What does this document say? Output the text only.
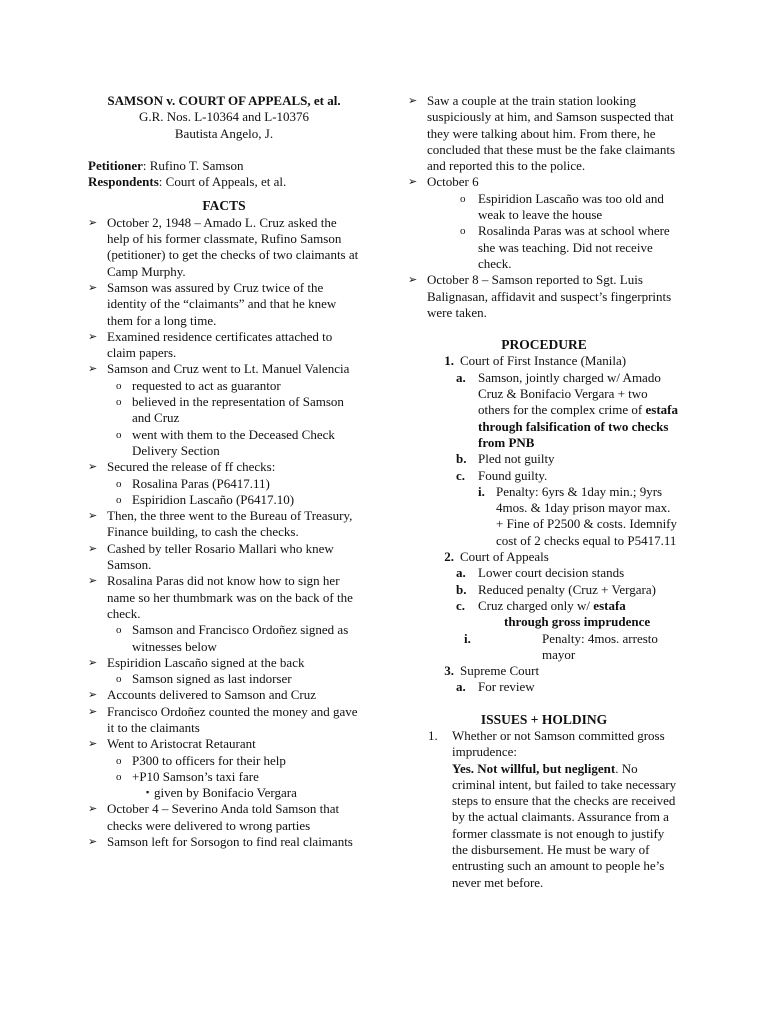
SAMSON v. COURT OF APPEALS, et al.
G.R. Nos. L-10364 and L-10376
Bautista Angelo, J.
Petitioner: Rufino T. Samson
Respondents: Court of Appeals, et al.
FACTS
➢ October 2, 1948 – Amado L. Cruz asked the help of his former classmate, Rufino Samson (petitioner) to get the checks of two claimants at Camp Murphy.
➢ Samson was assured by Cruz twice of the identity of the “claimants” and that he knew them for a long time.
➢ Examined residence certificates attached to claim papers.
➢ Samson and Cruz went to Lt. Manuel Valencia
o requested to act as guarantor
o believed in the representation of Samson and Cruz
o went with them to the Deceased Check Delivery Section
➢ Secured the release of ff checks:
o Rosalina Paras (P6417.11)
o Espiridion Lascaño (P6417.10)
➢ Then, the three went to the Bureau of Treasury, Finance building, to cash the checks.
➢ Cashed by teller Rosario Mallari who knew Samson.
➢ Rosalina Paras did not know how to sign her name so her thumbmark was on the back of the check.
o Samson and Francisco Ordoñez signed as witnesses below
➢ Espiridion Lascaño signed at the back
o Samson signed as last indorser
➢ Accounts delivered to Samson and Cruz
➢ Francisco Ordoñez counted the money and gave it to the claimants
➢ Went to Aristocrat Retaurant
o P300 to officers for their help
o +P10 Samson’s taxi fare
▪ given by Bonifacio Vergara
➢ October 4 – Severino Anda told Samson that checks were delivered to wrong parties
➢ Samson left for Sorsogon to find real claimants
➢ Saw a couple at the train station looking suspiciously at him, and Samson suspected that they were talking about him. From there, he concluded that these must be the fake claimants and reported this to the police.
➢ October 6
o Espiridion Lascaño was too old and weak to leave the house
o Rosalinda Paras was at school where she was teaching. Did not receive check.
➢ October 8 – Samson reported to Sgt. Luis Balignasan, affidavit and suspect’s fingerprints were taken.
PROCEDURE
1. Court of First Instance (Manila)
a. Samson, jointly charged w/ Amado Cruz & Bonifacio Vergara + two others for the complex crime of estafa through falsification of two checks from PNB
b. Pled not guilty
c. Found guilty.
i. Penalty: 6yrs & 1day min.; 9yrs 4mos. & 1day prison mayor max. + Fine of P2500 & costs. Idemnify cost of 2 checks equal to P5417.11
2. Court of Appeals
a. Lower court decision stands
b. Reduced penalty (Cruz + Vergara)
c. Cruz charged only w/ estafa
through gross imprudence
i.	Penalty: 4mos. arresto mayor
3. Supreme Court
a. For review
ISSUES + HOLDING
1. Whether or not Samson committed gross imprudence:
Yes. Not willful, but negligent. No criminal intent, but failed to take necessary steps to ensure that the checks are received by the actual claimants. Assurance from a former classmate is not enough to justify the disbursement. He must be wary of entrusting such an amount to people he’s never met before.
